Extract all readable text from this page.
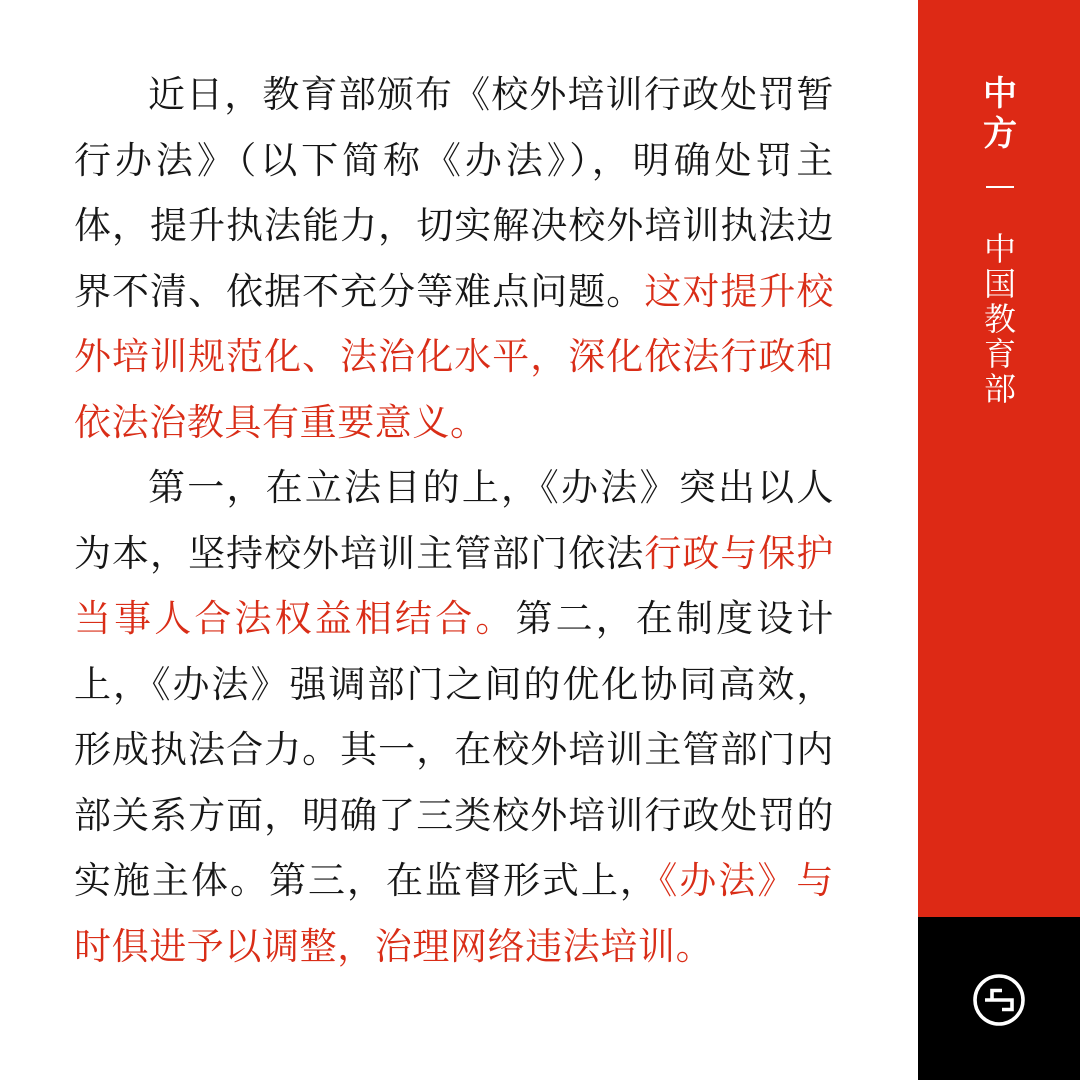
近日，教育部颁布《校外培训行政处罚暂行办法》（以下简称《办法》），明确处罚主体，提升执法能力，切实解决校外培训执法边界不清、依据不充分等难点问题。这对提升校外培训规范化、法治化水平，深化依法行政和依法治教具有重要意义。

第一，在立法目的上，《办法》突出以人为本，坚持校外培训主管部门依法行政与保护当事人合法权益相结合。第二，在制度设计上，《办法》强调部门之间的优化协同高效，形成执法合力。其一，在校外培训主管部门内部关系方面，明确了三类校外培训行政处罚的实施主体。第三，在监督形式上，《办法》与时俱进予以调整，治理网络违法培训。

中方
中国教育部
